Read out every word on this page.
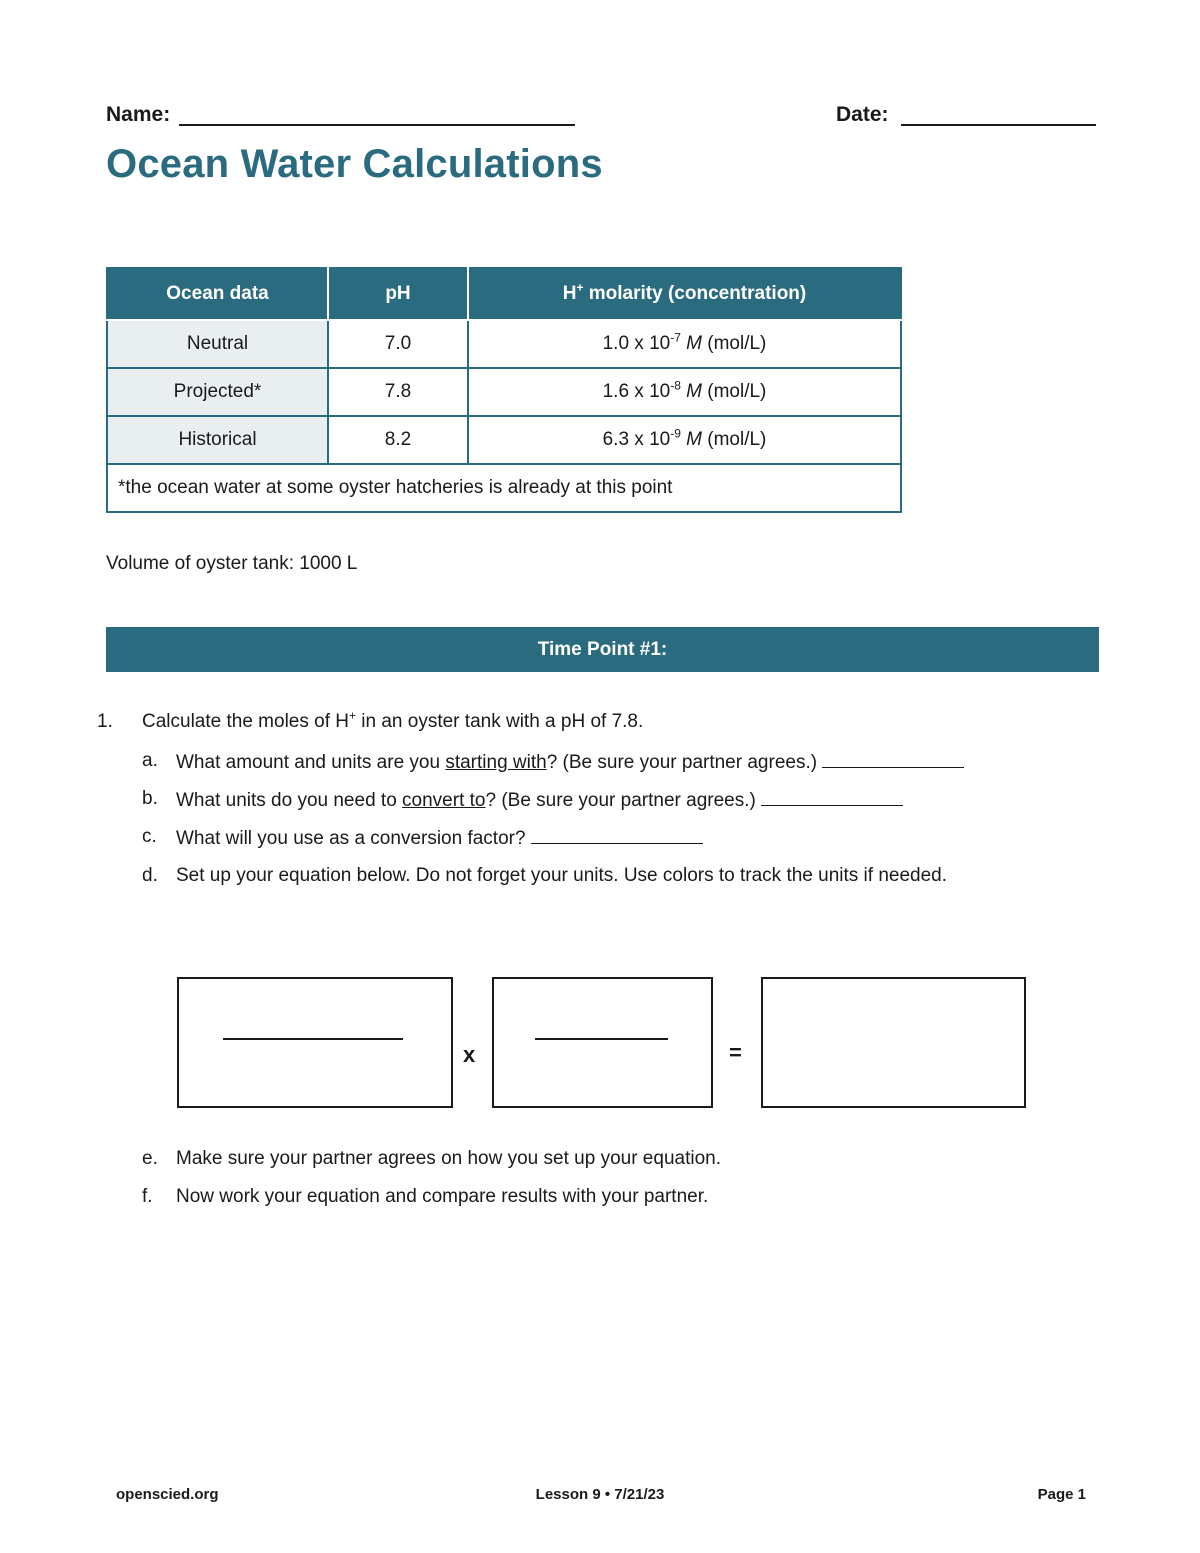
Name:	Date:
Ocean Water Calculations
Ocean data	pH	H+ molarity (concentration)
Neutral	7.0	1.0 x $10^{-7}$ M (mol/L)
Projected*	7.8	1.6 x $10^{-8}$ M (mol/L)
Historical	8.2	6.3 x $10^{-9}$ M (mol/L)
*the ocean water at some oyster hatcheries is already at this point		
Volume of oyster tank: 1000 L
Time Point #1:
1. Calculate the moles of H+ in an oyster tank with a pH of 7.8.
a. What amount and units are you starting with? (Be sure your partner agrees.)
b. What units do you need to convert to? (Be sure your partner agrees.)
c. What will you use as a conversion factor?
d. Set up your equation below. Do not forget your units. Use colors to track the units if needed.
x	=
e. Make sure your partner agrees on how you set up your equation.
f. Now work your equation and compare results with your partner.
openscied.org	Lesson 9 • 7/21/23	Page 1
